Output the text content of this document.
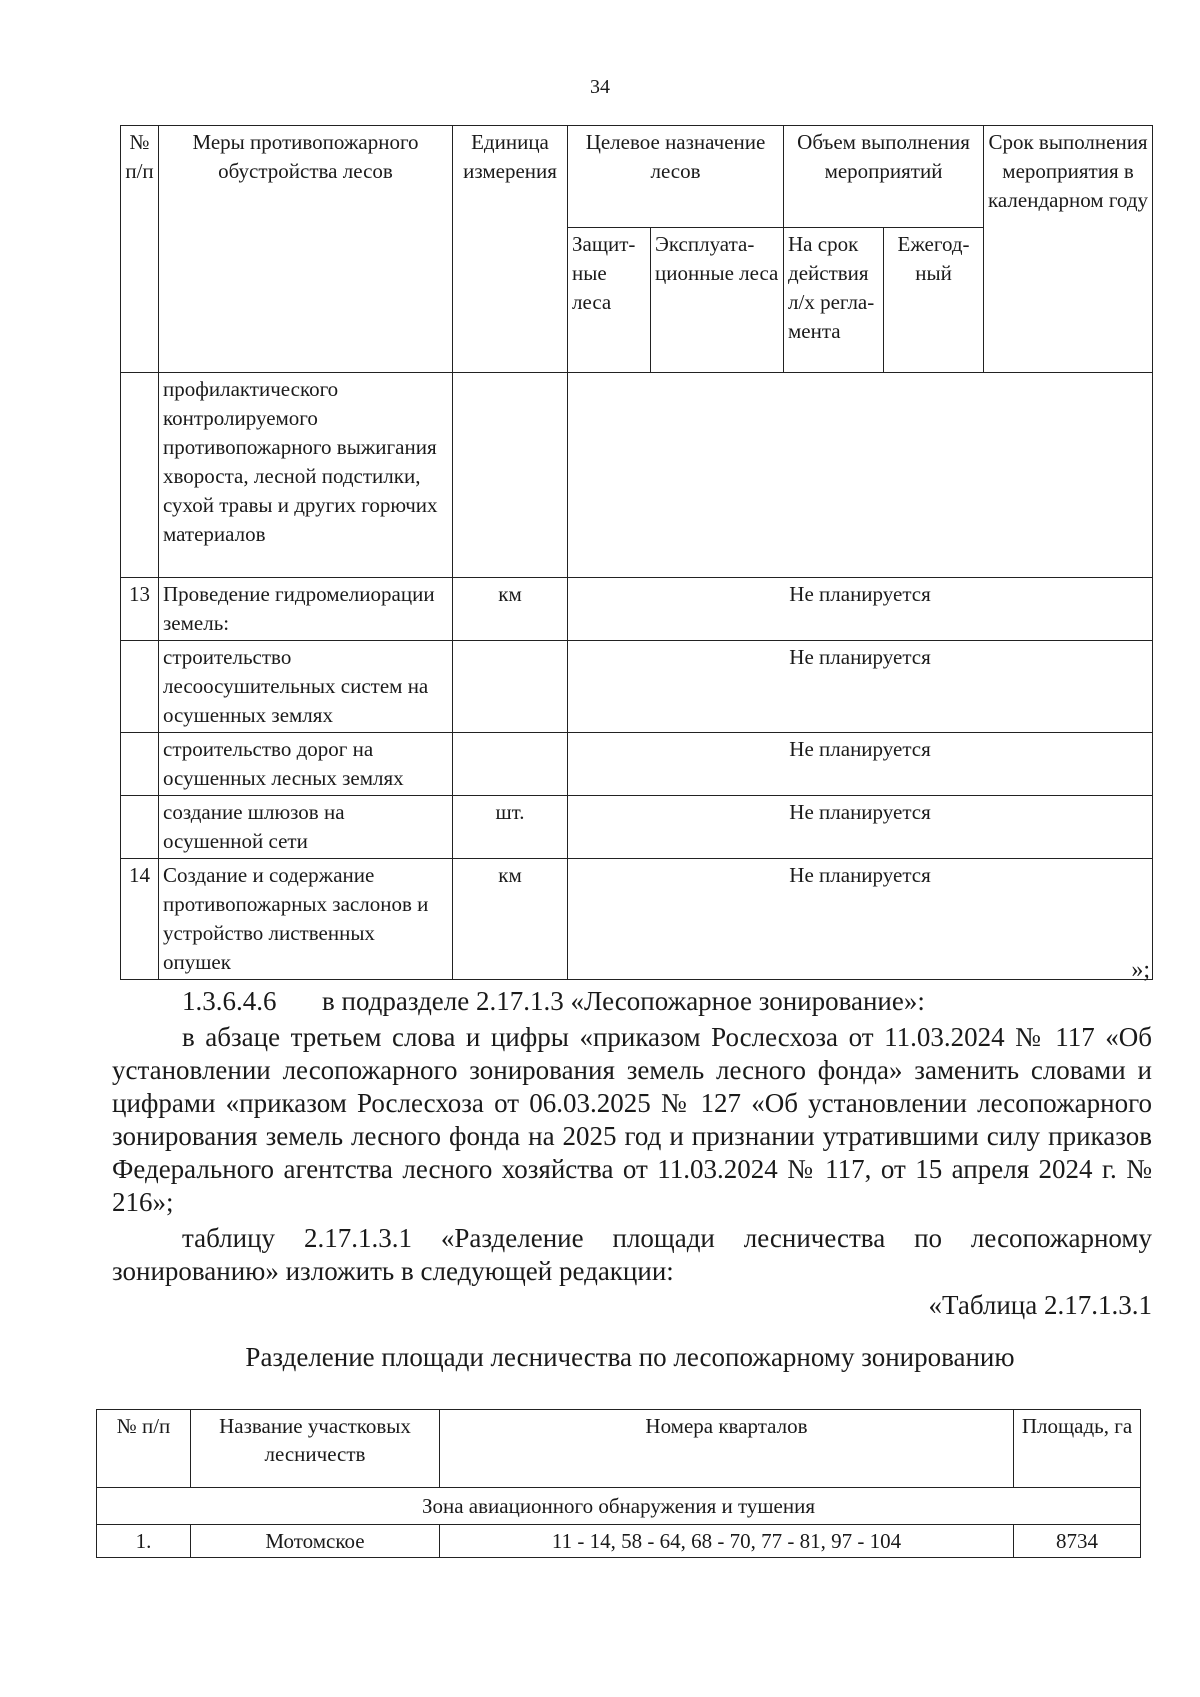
34
№ п/п	Меры противопожарного обустройства лесов	Единица измерения	Целевое назначение лесов		Объем выполнения мероприятий		Срок выполнения мероприятия в календарном году
			Защит-ные леса	Эксплуата-ционные леса	На срок действия л/х регла-мента	Ежегод-ный	
	профилактического контролируемого противопожарного выжигания хвороста, лесной подстилки, сухой травы и других горючих материалов						
13	Проведение гидромелиорации земель:	км	Не планируется				
	строительство лесоосушительных систем на осушенных землях		Не планируется				
	строительство дорог на осушенных лесных землях		Не планируется				
	создание шлюзов на осушенной сети	шт.	Не планируется				
14	Создание и содержание противопожарных заслонов и устройство лиственных опушек	км	Не планируется				
»;
1.3.6.4.6 в подразделе 2.17.1.3 «Лесопожарное зонирование»:
в абзаце третьем слова и цифры «приказом Рослесхоза от 11.03.2024 № 117 «Об установлении лесопожарного зонирования земель лесного фонда» заменить словами и цифрами «приказом Рослесхоза от 06.03.2025 № 127 «Об установлении лесопожарного зонирования земель лесного фонда на 2025 год и признании утратившими силу приказов Федерального агентства лесного хозяйства от 11.03.2024 № 117, от 15 апреля 2024 г. № 216»;
таблицу 2.17.1.3.1 «Разделение площади лесничества по лесопожарному зонированию» изложить в следующей редакции:
«Таблица 2.17.1.3.1
Разделение площади лесничества по лесопожарному зонированию
№ п/п	Название участковых лесничеств	Номера кварталов	Площадь, га
Зона авиационного обнаружения и тушения			
1.	Мотомское	11 - 14, 58 - 64, 68 - 70, 77 - 81, 97 - 104	8734
